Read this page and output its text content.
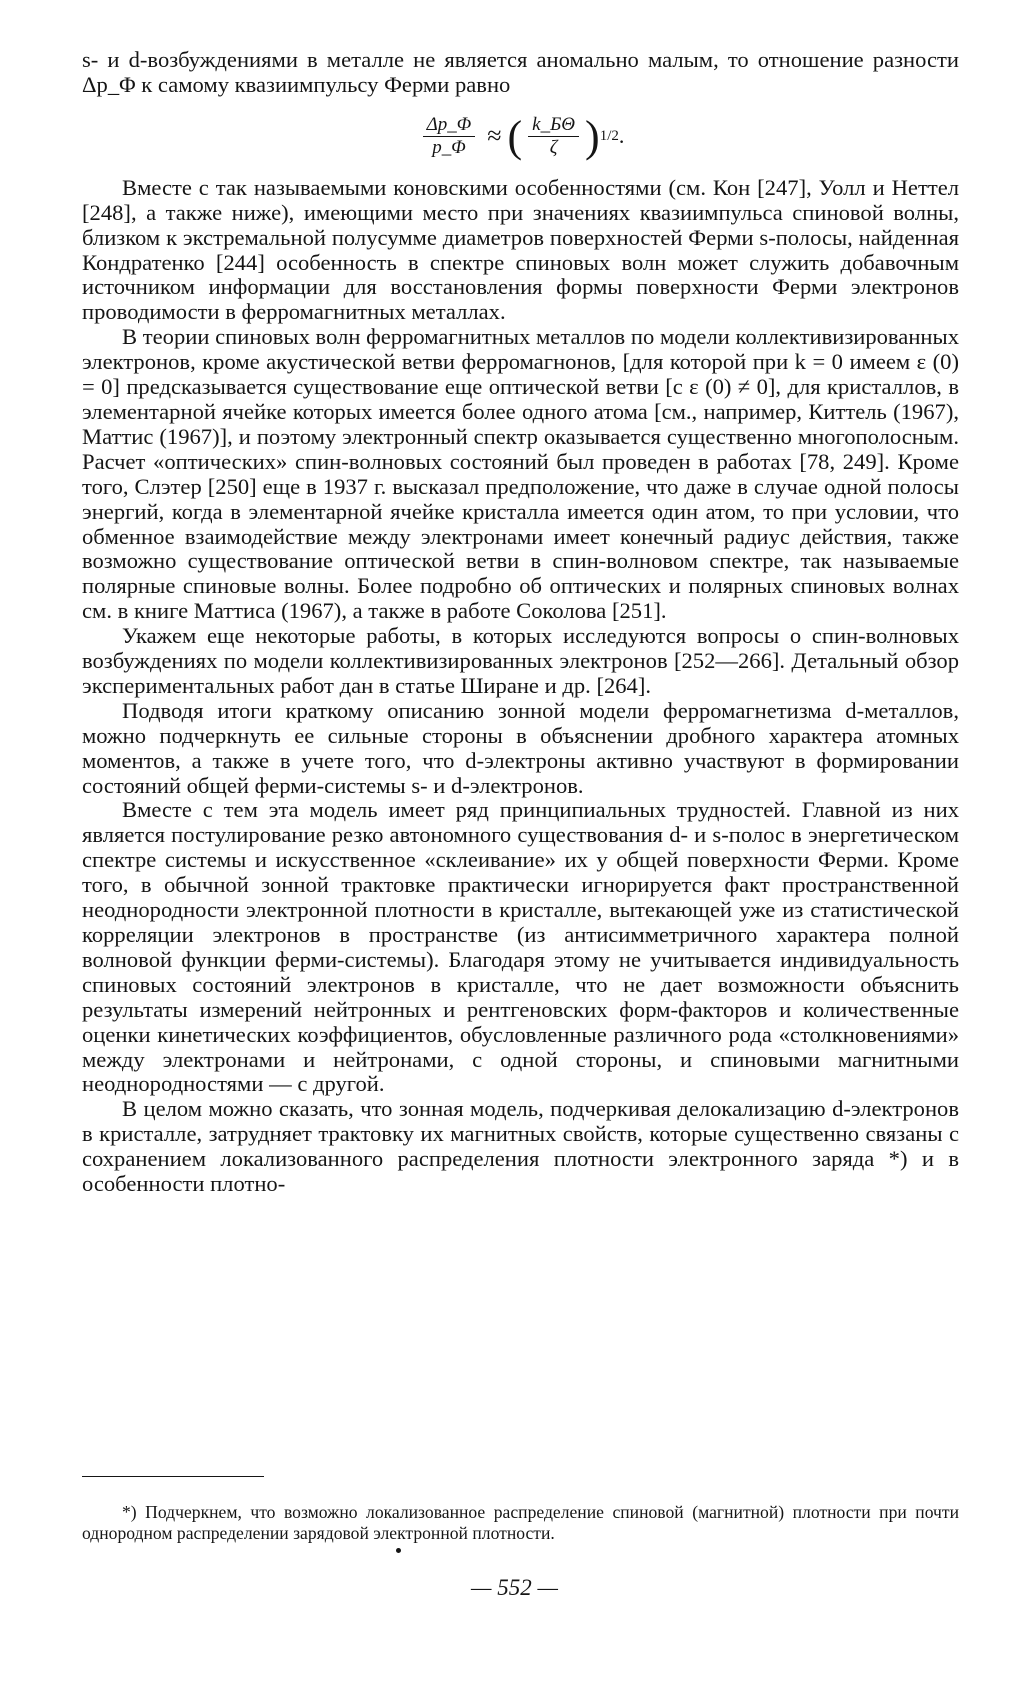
s- и d-возбуждениями в металле не является аномально малым, то отношение разности Δp_Φ к самому квазиимпульсу Ферми равно

$\frac{\Delta p\_\Phi}{p\_\Phi}$ ≈ ( $\frac{k\_Б\Theta}{\zeta}$ ) 1/2 .

Вместе с так называемыми коновскими особенностями (см. Кон [247], Уолл и Неттел [248], а также ниже), имеющими место при значениях квазиимпульса спиновой волны, близком к экстремальной полусумме диаметров поверхностей Ферми s-полосы, найденная Кондратенко [244] особенность в спектре спиновых волн может служить добавочным источником информации для восстановления формы поверхности Ферми электронов проводимости в ферромагнитных металлах.

В теории спиновых волн ферромагнитных металлов по модели коллективизированных электронов, кроме акустической ветви ферромагнонов, [для которой при k = 0 имеем ε (0) = 0] предсказывается существование еще оптической ветви [с ε (0) ≠ 0], для кристаллов, в элементарной ячейке которых имеется более одного атома [см., например, Киттель (1967), Маттис (1967)], и поэтому электронный спектр оказывается существенно многополосным. Расчет «оптических» спин-волновых состояний был проведен в работах [78, 249]. Кроме того, Слэтер [250] еще в 1937 г. высказал предположение, что даже в случае одной полосы энергий, когда в элементарной ячейке кристалла имеется один атом, то при условии, что обменное взаимодействие между электронами имеет конечный радиус действия, также возможно существование оптической ветви в спин-волновом спектре, так называемые полярные спиновые волны. Более подробно об оптических и полярных спиновых волнах см. в книге Маттиса (1967), а также в работе Соколова [251].

Укажем еще некоторые работы, в которых исследуются вопросы о спин-волновых возбуждениях по модели коллективизированных электронов [252—266]. Детальный обзор экспериментальных работ дан в статье Ширане и др. [264].

Подводя итоги краткому описанию зонной модели ферромагнетизма d-металлов, можно подчеркнуть ее сильные стороны в объяснении дробного характера атомных моментов, а также в учете того, что d-электроны активно участвуют в формировании состояний общей ферми-системы s- и d-электронов.

Вместе с тем эта модель имеет ряд принципиальных трудностей. Главной из них является постулирование резко автономного существования d- и s-полос в энергетическом спектре системы и искусственное «склеивание» их у общей поверхности Ферми. Кроме того, в обычной зонной трактовке практически игнорируется факт пространственной неоднородности электронной плотности в кристалле, вытекающей уже из статистической корреляции электронов в пространстве (из антисимметричного характера полной волновой функции ферми-системы). Благодаря этому не учитывается индивидуальность спиновых состояний электронов в кристалле, что не дает возможности объяснить результаты измерений нейтронных и рентгеновских форм-факторов и количественные оценки кинетических коэффициентов, обусловленные различного рода «столкновениями» между электронами и нейтронами, с одной стороны, и спиновыми магнитными неоднородностями — с другой.

В целом можно сказать, что зонная модель, подчеркивая делокализацию d-электронов в кристалле, затрудняет трактовку их магнитных свойств, которые существенно связаны с сохранением локализованного распределения плотности электронного заряда *) и в особенности плотно-

*) Подчеркнем, что возможно локализованное распределение спиновой (магнитной) плотности при почти однородном распределении зарядовой электронной плотности.

— 552 —
